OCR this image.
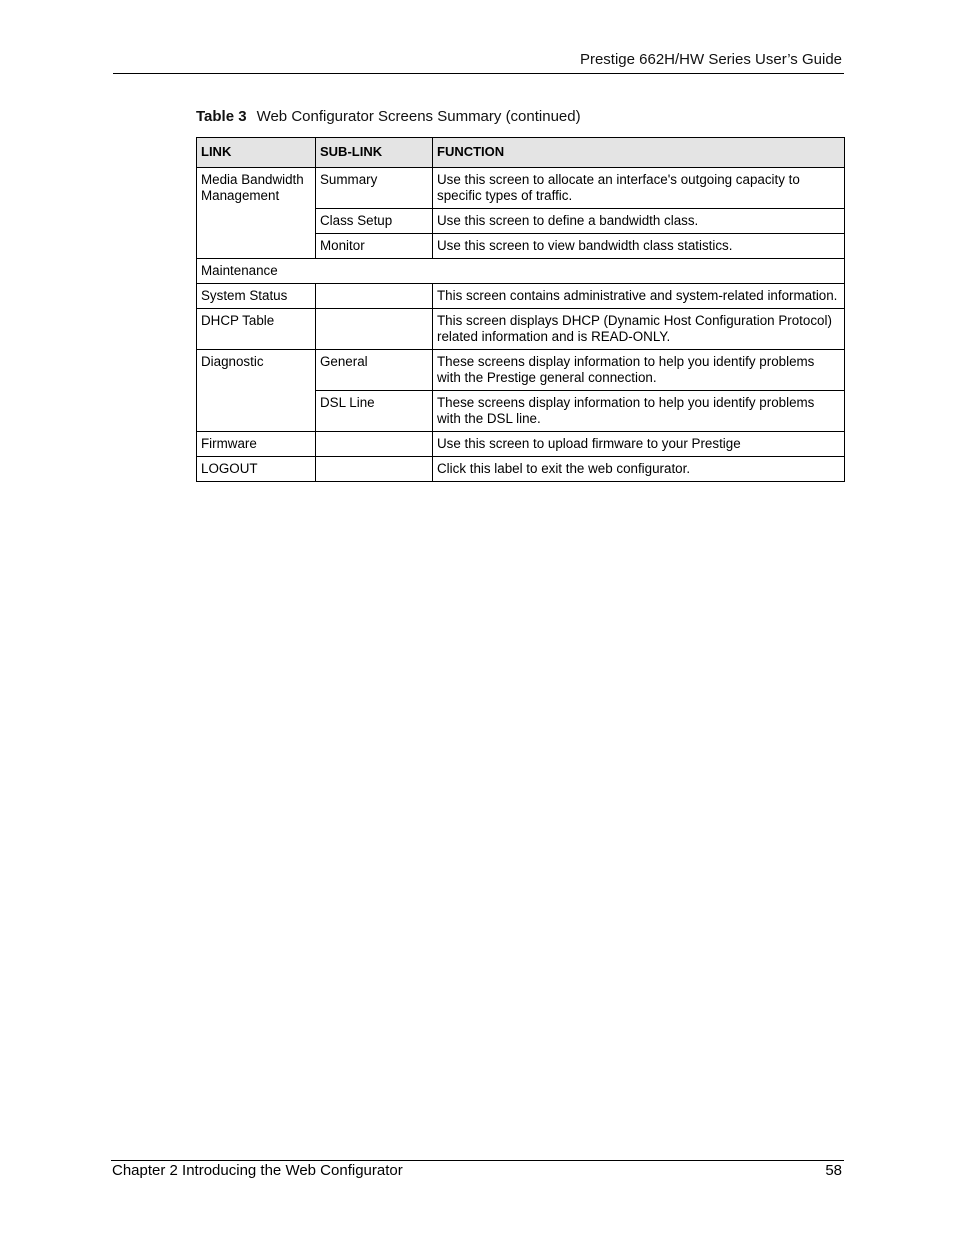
Prestige 662H/HW Series User’s Guide
Table 3 Web Configurator Screens Summary (continued)
LINK	SUB-LINK	FUNCTION
Media Bandwidth Management	Summary	Use this screen to allocate an interface's outgoing capacity to specific types of traffic.
	Class Setup	Use this screen to define a bandwidth class.
	Monitor	Use this screen to view bandwidth class statistics.
Maintenance		
System Status		This screen contains administrative and system-related information.
DHCP Table		This screen displays DHCP (Dynamic Host Configuration Protocol) related information and is READ-ONLY.
Diagnostic	General	These screens display information to help you identify problems with the Prestige general connection.
	DSL Line	These screens display information to help you identify problems with the DSL line.
Firmware		Use this screen to upload firmware to your Prestige
LOGOUT		Click this label to exit the web configurator.
Chapter 2 Introducing the Web Configurator	58
